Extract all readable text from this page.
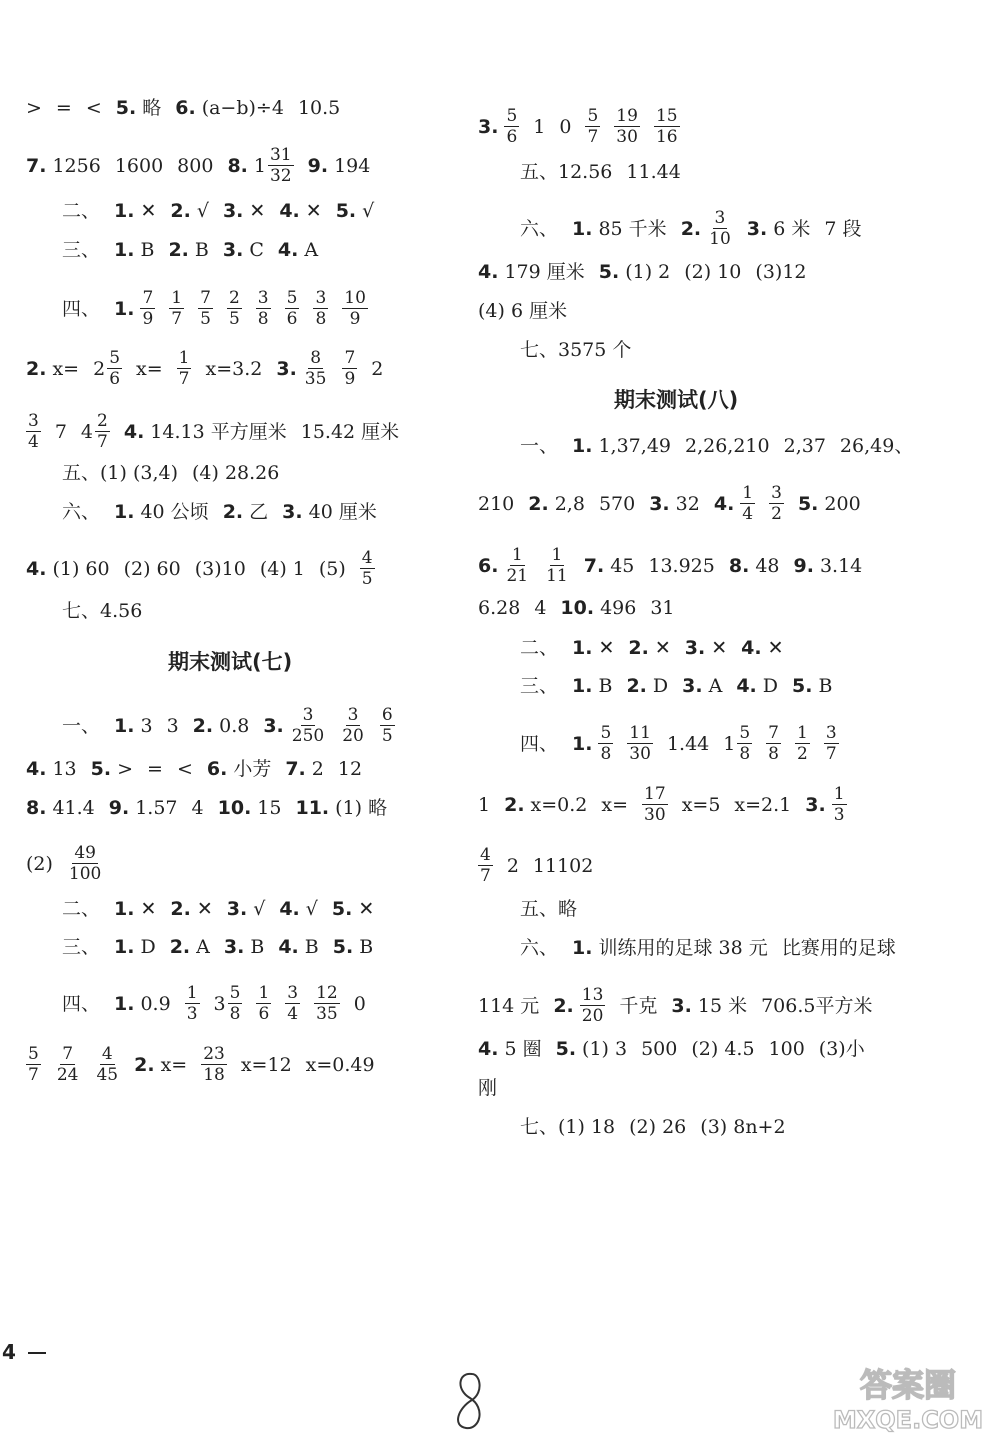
> = < 5. 略 6. (a−b)÷4 10.5
7. 1256 1600 800 8. $1 \frac{31}{32} 9$. 194
二、 1. ✕ 2. √ 3. ✕ 4. ✕ 5. √
三、 1. B 2. B 3. C 4. A
四、 1. $\frac{7}{9} \frac{1}{7} \frac{7}{5} \frac{2}{5} \frac{3}{8} \frac{5}{6} \frac{3}{8} \frac{10}{9}$
2. $x= 2 \frac{5}{6} x= \frac{1}{7} x=3.2$ 3. $\frac{8}{35} \frac{7}{9} 2$
$\frac{3}{4} 7$ $4 \frac{2}{7} 4$. 14.13 平方厘米 15.42 厘米
五、(1) (3,4) (4) 28.26
六、 1. 40 公顷 2. 乙 3. 40 厘米
4. (1) 60 (2) 60 (3)10 (4) 1 $(5) \frac{4}{5}$
七、4.56
一、 1. 3 3 2. 0.8 3. $\frac{3}{250} \frac{3}{20} \frac{6}{5}$
4. 13 5. > = < 6. 小芳 7. 2 12
8. 41.4 9. 1.57 4 10. 15 11. (1) 略
$(2) \frac{49}{100}$
二、 1. ✕ 2. ✕ 3. √ 4. √ 5. ✕
三、 1. D 2. A 3. B 4. B 5. B
四、 1. $0.9 \frac{1}{3} 3 \frac{5}{8} \frac{1}{6} \frac{3}{4} \frac{12}{35} 0$
$\frac{5}{7} \frac{7}{24} \frac{4}{45} 2$. $x= \frac{23}{18} x=12$ x=0.49
3. $\frac{5}{6} 1$ $0 \frac{5}{7} \frac{19}{30} \frac{15}{16}$
五、12.56 11.44
六、 1. 85 千米 2. $\frac{3}{10} 3$. 6 米 7 段
4. 179 厘米 5. (1) 2 (2) 10 (3)12
(4) 6 厘米
七、3575 个
一、 1. 1,37,49 2,26,210 2,37 26,49、
210 2. 2,8 570 3. 32 4. $\frac{1}{4} \frac{3}{2} 5$. 200
6. $\frac{1}{21} \frac{1}{11} 7$. 45 13.925 8. 48 9. 3.14
6.28 4 10. 496 31
二、 1. ✕ 2. ✕ 3. ✕ 4. ✕
三、 1. B 2. D 3. A 4. D 5. B
四、 1. $\frac{5}{8} \frac{11}{30} 1.44$ $1 \frac{5}{8} \frac{7}{8} \frac{1}{2} \frac{3}{7}$
1 2. x=0.2 $x= \frac{17}{30} x=5$ x=2.1 3. $\frac{1}{3}$
$\frac{4}{7} 2$ 11102
五、略
六、 1. 训练用的足球 38 元 比赛用的足球
114 元 2. $\frac{13}{20}$ 千克 3. 15 米 706.5平方米
4. 5 圈 5. (1) 3 500 (2) 4.5 100 (3)小
刚
七、(1) 18 (2) 26 (3) 8n+2
期末测试(七)
期末测试(八)
4
答案圈
MXQE.COM
